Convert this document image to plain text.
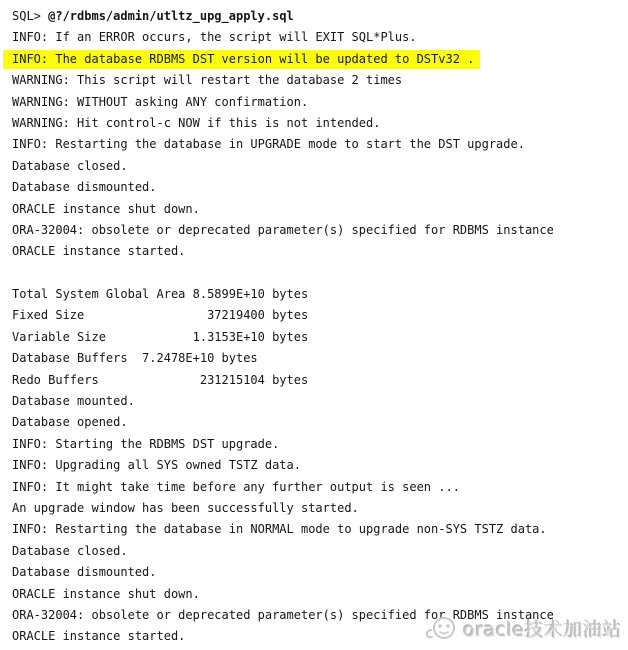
SQL> @?/rdbms/admin/utltz_upg_apply.sql
INFO: If an ERROR occurs, the script will EXIT SQL*Plus.
INFO: The database RDBMS DST version will be updated to DSTv32 .
WARNING: This script will restart the database 2 times
WARNING: WITHOUT asking ANY confirmation.
WARNING: Hit control-c NOW if this is not intended.
INFO: Restarting the database in UPGRADE mode to start the DST upgrade.
Database closed.
Database dismounted.
ORACLE instance shut down.
ORA-32004: obsolete or deprecated parameter(s) specified for RDBMS instance
ORACLE instance started.
Total System Global Area 8.5899E+10 bytes
Fixed Size                 37219400 bytes
Variable Size            1.3153E+10 bytes
Database Buffers  7.2478E+10 bytes
Redo Buffers              231215104 bytes
Database mounted.
Database opened.
INFO: Starting the RDBMS DST upgrade.
INFO: Upgrading all SYS owned TSTZ data.
INFO: It might take time before any further output is seen ...
An upgrade window has been successfully started.
INFO: Restarting the database in NORMAL mode to upgrade non-SYS TSTZ data.
Database closed.
Database dismounted.
ORACLE instance shut down.
ORA-32004: obsolete or deprecated parameter(s) specified for RDBMS instance
ORACLE instance started.	oracle技术加油站
